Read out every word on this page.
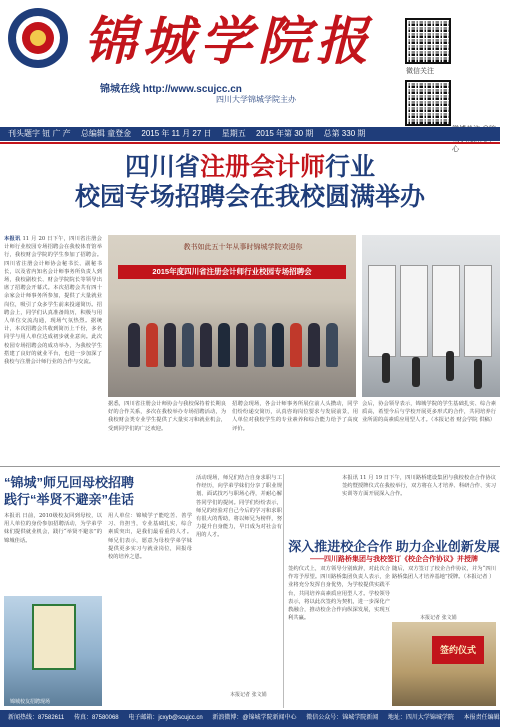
锦城学院报
锦城在线 http://www.scujcc.cn
四川大学锦城学院主办
微信关注
心
刊头题字 钮 广 产 总编辑 童登金 2015 年 11 月 27 日 星期五 2015 年第 30 期 总第 330 期
四川省注册会计师行业
校园专场招聘会在我校圆满举办
本报讯 11 月 20 日下午，四川省注册会计师行业校园专场招聘会在我校体育馆举行，我校财会学院的学生参加了招聘会。四川省注册会计师协会秘书长、副秘书长，以及省内知名会计师事务所负责人到场，我校副校长、财会学院院长等领导出席了招聘会开幕式。本次招聘会共有四十余家会计师事务所参加，提供了大量就业岗位，吸引了众多学生前来投递简历。招聘会上，同学们认真准备简历，积极与用人单位交流沟通，现场气氛热烈。据统计，本次招聘会共收到简历上千份，多名同学与用人单位达成初步就业意向。此次校园专场招聘会的成功举办，为我校学生搭建了良好的就业平台，也进一步加深了我校与注册会计师行业的合作与交流。
教书如此五十年从事时锦城学院欢迎你
2015年度四川省注册会计师行业校园专场招聘会
据悉，四川省注册会计师协会与我校保持着长期良好的合作关系，多次在我校举办专场招聘活动，为我校财会类专业学生提供了大量实习和就业机会，受到同学们的广泛欢迎。
招聘会现场，各会计师事务所展位前人头攒动，同学们纷纷递交简历，认真咨询岗位要求与发展前景，用人单位对我校学生的专业素养和综合能力给予了高度评价。
会后，协会领导表示，锦城学院的学生基础扎实、综合素质高，希望今后与学校开展更多形式的合作，共同培养行业所需的高素质应用型人才。（本报记者 财会学院 供稿）
“锦城”师兄回母校招聘
践行“举贤不避亲”佳话
本报讯 日前，2010级校友回到母校，以用人单位的身份参加招聘活动，为学弟学妹们提供就业机会，践行“举贤不避亲”的锦城佳话。
锦城校友招聘现场
用人单位：锦城学子能吃苦、善学习、肯担当，专业基础扎实，综合素质突出，是我们最看重的人才。师兄们表示，愿意为母校学弟学妹提供更多实习与就业岗位，回报母校的培养之恩。
活动现场，师兄们结合自身求职与工作经历，向学弟学妹们分享了职业规划、面试技巧与职场心得，并耐心解答同学们的提问。同学们纷纷表示，师兄的经验对自己今后的学习和求职有很大的帮助，将以师兄为榜样，努力提升自身能力，早日成为对社会有用的人才。
本报记者 张文娟
本报讯 11 月 19 日下午，四川路桥建设集团与我校校企合作协议签约暨授牌仪式在我校举行，双方将在人才培养、科研合作、实习实训等方面开展深入合作。
深入推进校企合作 助力企业创新发展
——四川路桥集团与我校签订《校企合作协议》并授牌
签约仪式上，双方领导分别致辞，对此次合作寄予厚望。四川路桥集团负责人表示，企业将充分发挥自身优势，为学校提供实践平台，共同培养高素质应用型人才。学校领导表示，将以此次签约为契机，进一步深化产教融合，推动校企合作向纵深发展，实现互利共赢。
随后，双方签订了校企合作协议，并为“四川路桥集团人才培养基地”授牌。（本报记者 ）
本报记者 张文娟
签约仪式
新闻热线：87582611 传真：87580068 电子邮箱：jcxyb@scujcc.cn 新浪微博：@锦城学院新闻中心 微信公众号：锦城学院新闻 地址：四川大学锦城学院 本报责任编辑：黄紫砚
